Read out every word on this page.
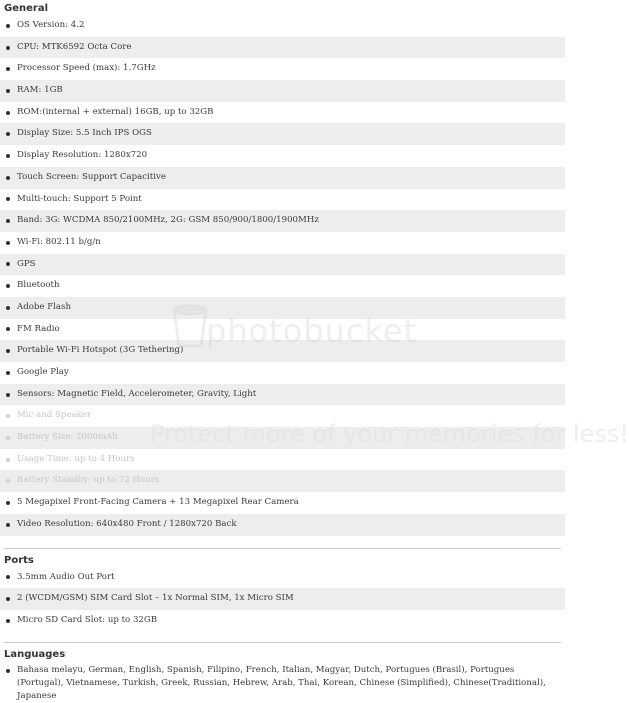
General
OS Version: 4.2
CPU: MTK6592 Octa Core
Processor Speed (max): 1.7GHz
RAM: 1GB
ROM:(internal + external) 16GB, up to 32GB
Display Size: 5.5 Inch IPS OGS
Display Resolution: 1280x720
Touch Screen: Support Capacitive
Multi-touch: Support 5 Point
Band: 3G: WCDMA 850/2100MHz, 2G: GSM 850/900/1800/1900MHz
Wi-Fi: 802.11 b/g/n
GPS
Bluetooth
Adobe Flash
FM Radio
Portable Wi-Fi Hotspot (3G Tethering)
Google Play
Sensors: Magnetic Field, Accelerometer, Gravity, Light
Mic and Speaker
Battery Size: 2000mAh
Usage Time: up to 4 Hours
Battery Standby: up to 72 Hours
5 Megapixel Front-Facing Camera + 13 Megapixel Rear Camera
Video Resolution: 640x480 Front / 1280x720 Back
Ports
3.5mm Audio Out Port
2 (WCDM/GSM) SIM Card Slot – 1x Normal SIM, 1x Micro SIM
Micro SD Card Slot: up to 32GB
Languages
Bahasa melayu, German, English, Spanish, Filipino, French, Italian, Magyar, Dutch, Portugues (Brasil), Portugues (Portugal), Vietnamese, Turkish, Greek, Russian, Hebrew, Arab, Thai, Korean, Chinese (Simplified), Chinese(Traditional), Japanese
photobucket
Protect more of your memories for less!
